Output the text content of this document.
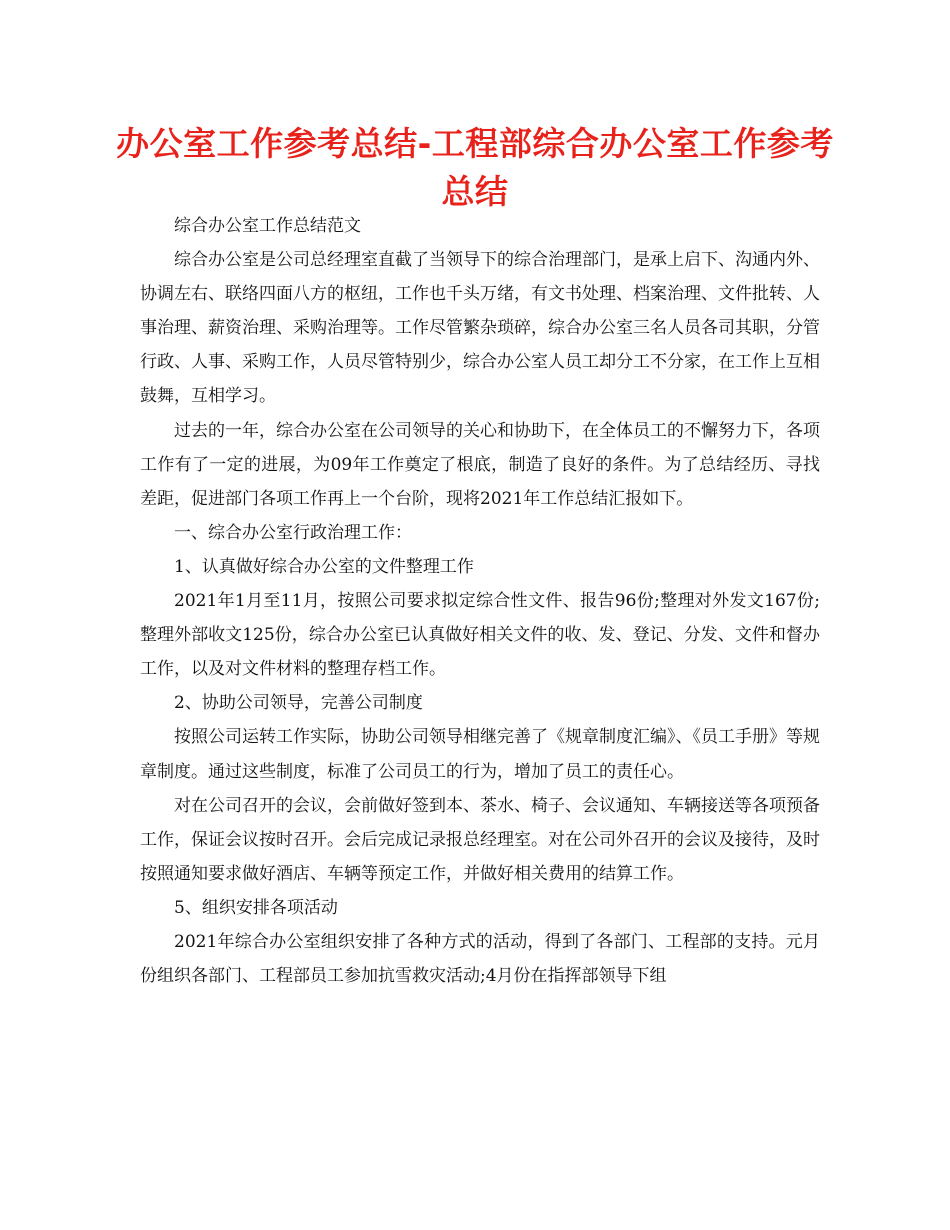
办公室工作参考总结-工程部综合办公室工作参考总结

综合办公室工作总结范文

综合办公室是公司总经理室直截了当领导下的综合治理部门，是承上启下、沟通内外、协调左右、联络四面八方的枢纽，工作也千头万绪，有文书处理、档案治理、文件批转、人事治理、薪资治理、采购治理等。工作尽管繁杂琐碎，综合办公室三名人员各司其职，分管行政、人事、采购工作，人员尽管特别少，综合办公室人员工却分工不分家，在工作上互相鼓舞，互相学习。

过去的一年，综合办公室在公司领导的关心和协助下，在全体员工的不懈努力下，各项工作有了一定的进展，为09年工作奠定了根底，制造了良好的条件。为了总结经历、寻找差距，促进部门各项工作再上一个台阶，现将2021年工作总结汇报如下。

一、综合办公室行政治理工作：

1、认真做好综合办公室的文件整理工作

2021年1月至11月，按照公司要求拟定综合性文件、报告96份;整理对外发文167份;整理外部收文125份，综合办公室已认真做好相关文件的收、发、登记、分发、文件和督办工作，以及对文件材料的整理存档工作。

2、协助公司领导，完善公司制度

按照公司运转工作实际，协助公司领导相继完善了《规章制度汇编》、《员工手册》等规章制度。通过这些制度，标准了公司员工的行为，增加了员工的责任心。

对在公司召开的会议，会前做好签到本、茶水、椅子、会议通知、车辆接送等各项预备工作，保证会议按时召开。会后完成记录报总经理室。对在公司外召开的会议及接待，及时按照通知要求做好酒店、车辆等预定工作，并做好相关费用的结算工作。

5、组织安排各项活动

2021年综合办公室组织安排了各种方式的活动，得到了各部门、工程部的支持。元月份组织各部门、工程部员工参加抗雪救灾活动;4月份在指挥部领导下组
